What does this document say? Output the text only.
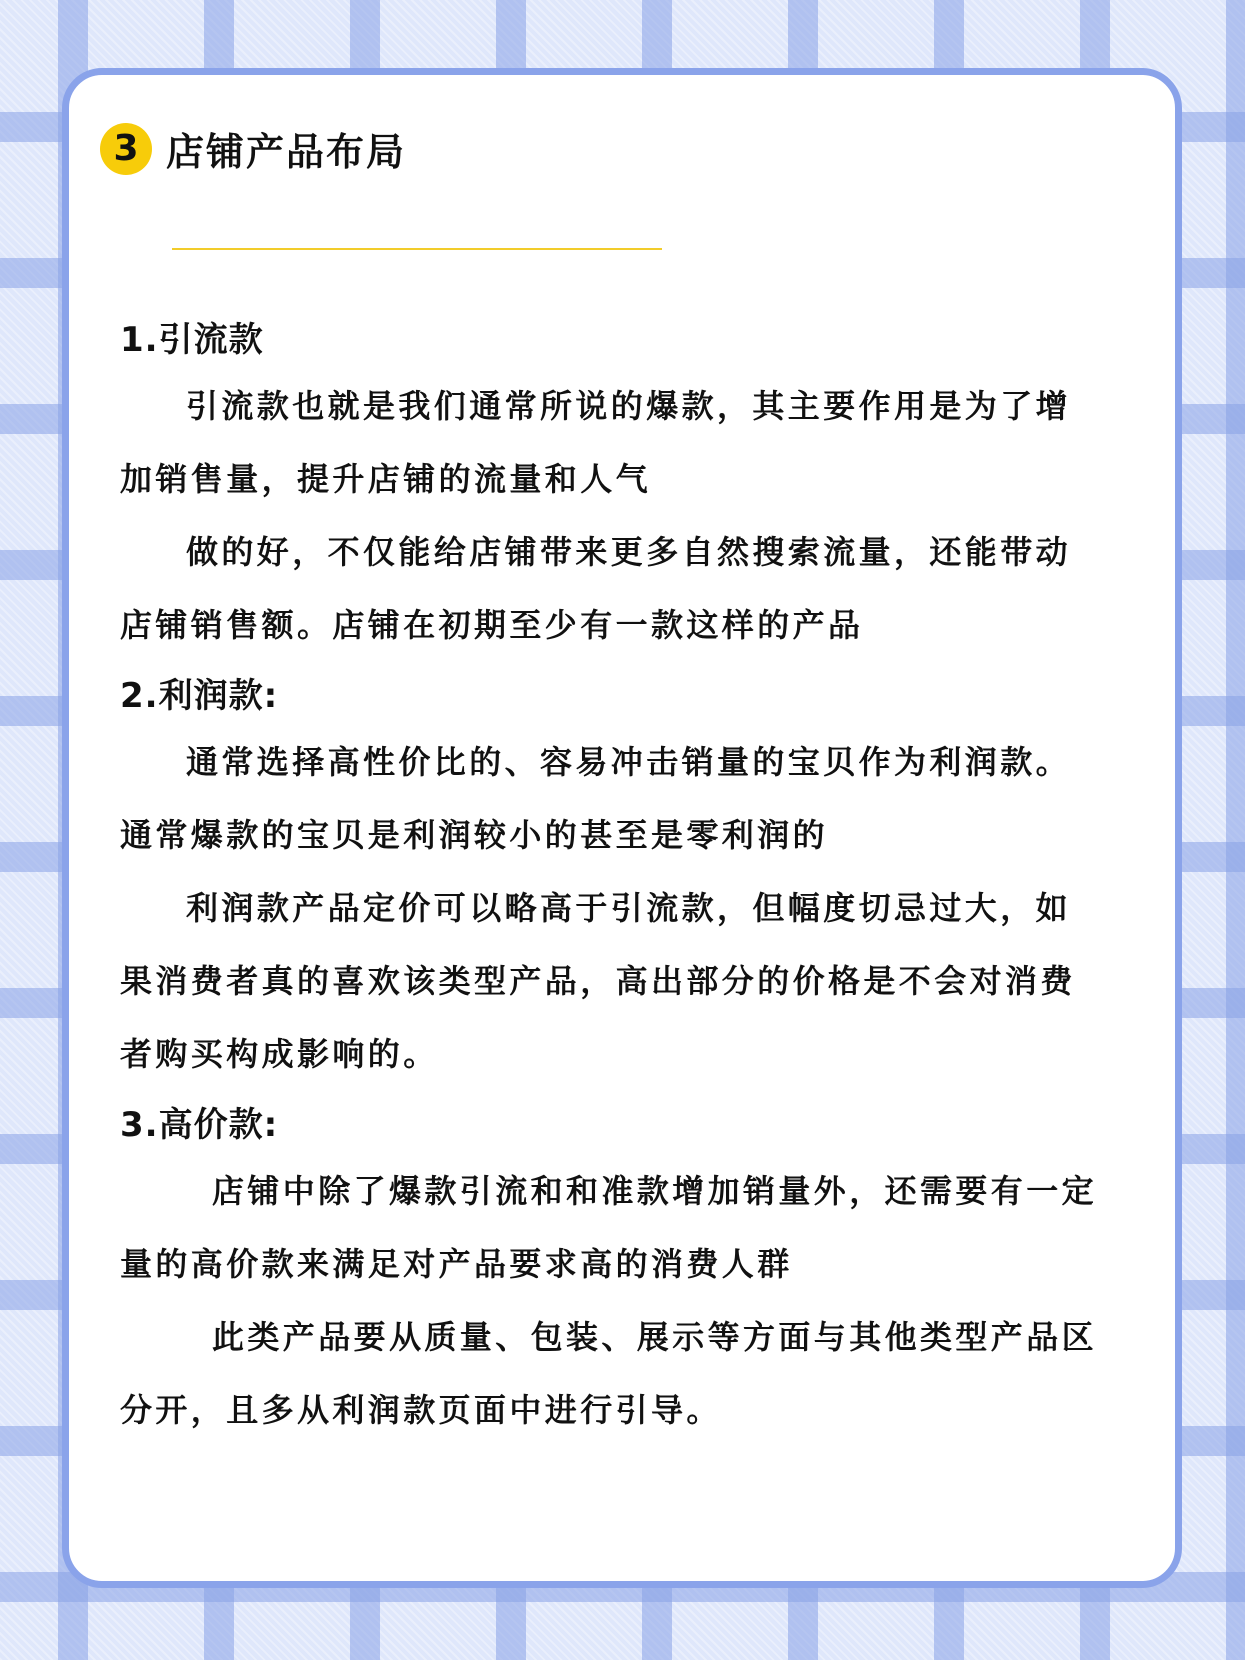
3 店铺产品布局

1.引流款

引流款也就是我们通常所说的爆款，其主要作用是为了增加销售量，提升店铺的流量和人气

做的好，不仅能给店铺带来更多自然搜索流量，还能带动店铺销售额。店铺在初期至少有一款这样的产品

2.利润款:

通常选择高性价比的、容易冲击销量的宝贝作为利润款。通常爆款的宝贝是利润较小的甚至是零利润的

利润款产品定价可以略高于引流款，但幅度切忌过大，如果消费者真的喜欢该类型产品，高出部分的价格是不会对消费者购买构成影响的。

3.高价款:

店铺中除了爆款引流和和准款增加销量外，还需要有一定量的高价款来满足对产品要求高的消费人群

此类产品要从质量、包装、展示等方面与其他类型产品区分开，且多从利润款页面中进行引导。
